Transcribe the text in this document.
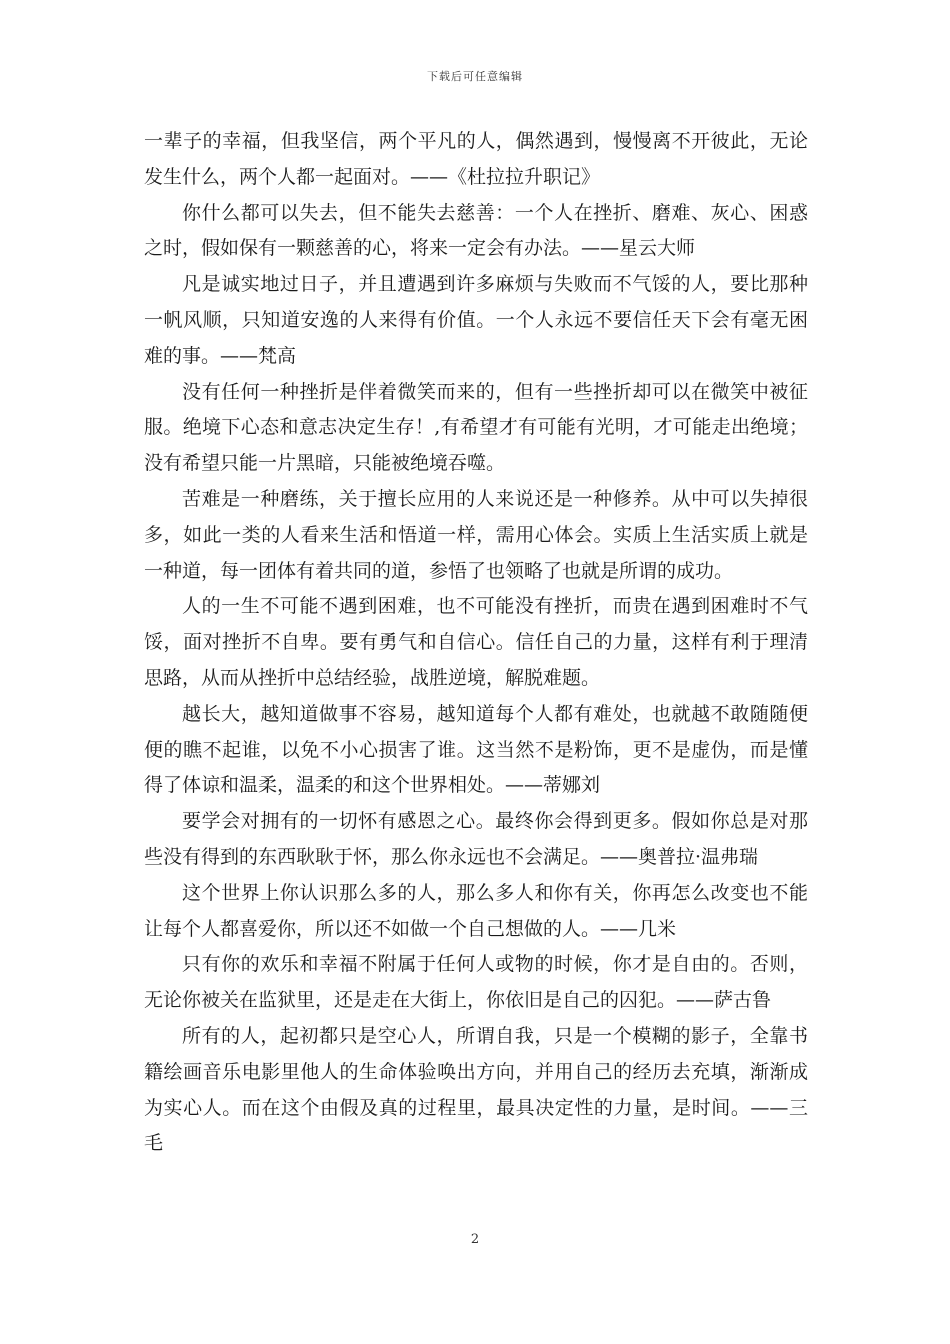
下载后可任意编辑

一辈子的幸福，但我坚信，两个平凡的人，偶然遇到，慢慢离不开彼此，无论发生什么，两个人都一起面对。——《杜拉拉升职记》

你什么都可以失去，但不能失去慈善：一个人在挫折、磨难、灰心、困惑之时，假如保有一颗慈善的心，将来一定会有办法。——星云大师

凡是诚实地过日子，并且遭遇到许多麻烦与失败而不气馁的人，要比那种一帆风顺，只知道安逸的人来得有价值。一个人永远不要信任天下会有毫无困难的事。——梵高

没有任何一种挫折是伴着微笑而来的，但有一些挫折却可以在微笑中被征服。绝境下心态和意志决定生存！,有希望才有可能有光明，才可能走出绝境；没有希望只能一片黑暗，只能被绝境吞噬。

苦难是一种磨练，关于擅长应用的人来说还是一种修养。从中可以失掉很多，如此一类的人看来生活和悟道一样，需用心体会。实质上生活实质上就是一种道，每一团体有着共同的道，参悟了也领略了也就是所谓的成功。

人的一生不可能不遇到困难，也不可能没有挫折，而贵在遇到困难时不气馁，面对挫折不自卑。要有勇气和自信心。信任自己的力量，这样有利于理清思路，从而从挫折中总结经验，战胜逆境，解脱难题。

越长大，越知道做事不容易，越知道每个人都有难处，也就越不敢随随便便的瞧不起谁，以免不小心损害了谁。这当然不是粉饰，更不是虚伪，而是懂得了体谅和温柔，温柔的和这个世界相处。——蒂娜刘

要学会对拥有的一切怀有感恩之心。最终你会得到更多。假如你总是对那些没有得到的东西耿耿于怀，那么你永远也不会满足。——奥普拉·温弗瑞

这个世界上你认识那么多的人，那么多人和你有关，你再怎么改变也不能让每个人都喜爱你，所以还不如做一个自己想做的人。——几米

只有你的欢乐和幸福不附属于任何人或物的时候，你才是自由的。否则，无论你被关在监狱里，还是走在大街上，你依旧是自己的囚犯。——萨古鲁

所有的人，起初都只是空心人，所谓自我，只是一个模糊的影子，全靠书籍绘画音乐电影里他人的生命体验唤出方向，并用自己的经历去充填，渐渐成为实心人。而在这个由假及真的过程里，最具决定性的力量，是时间。——三毛

2
